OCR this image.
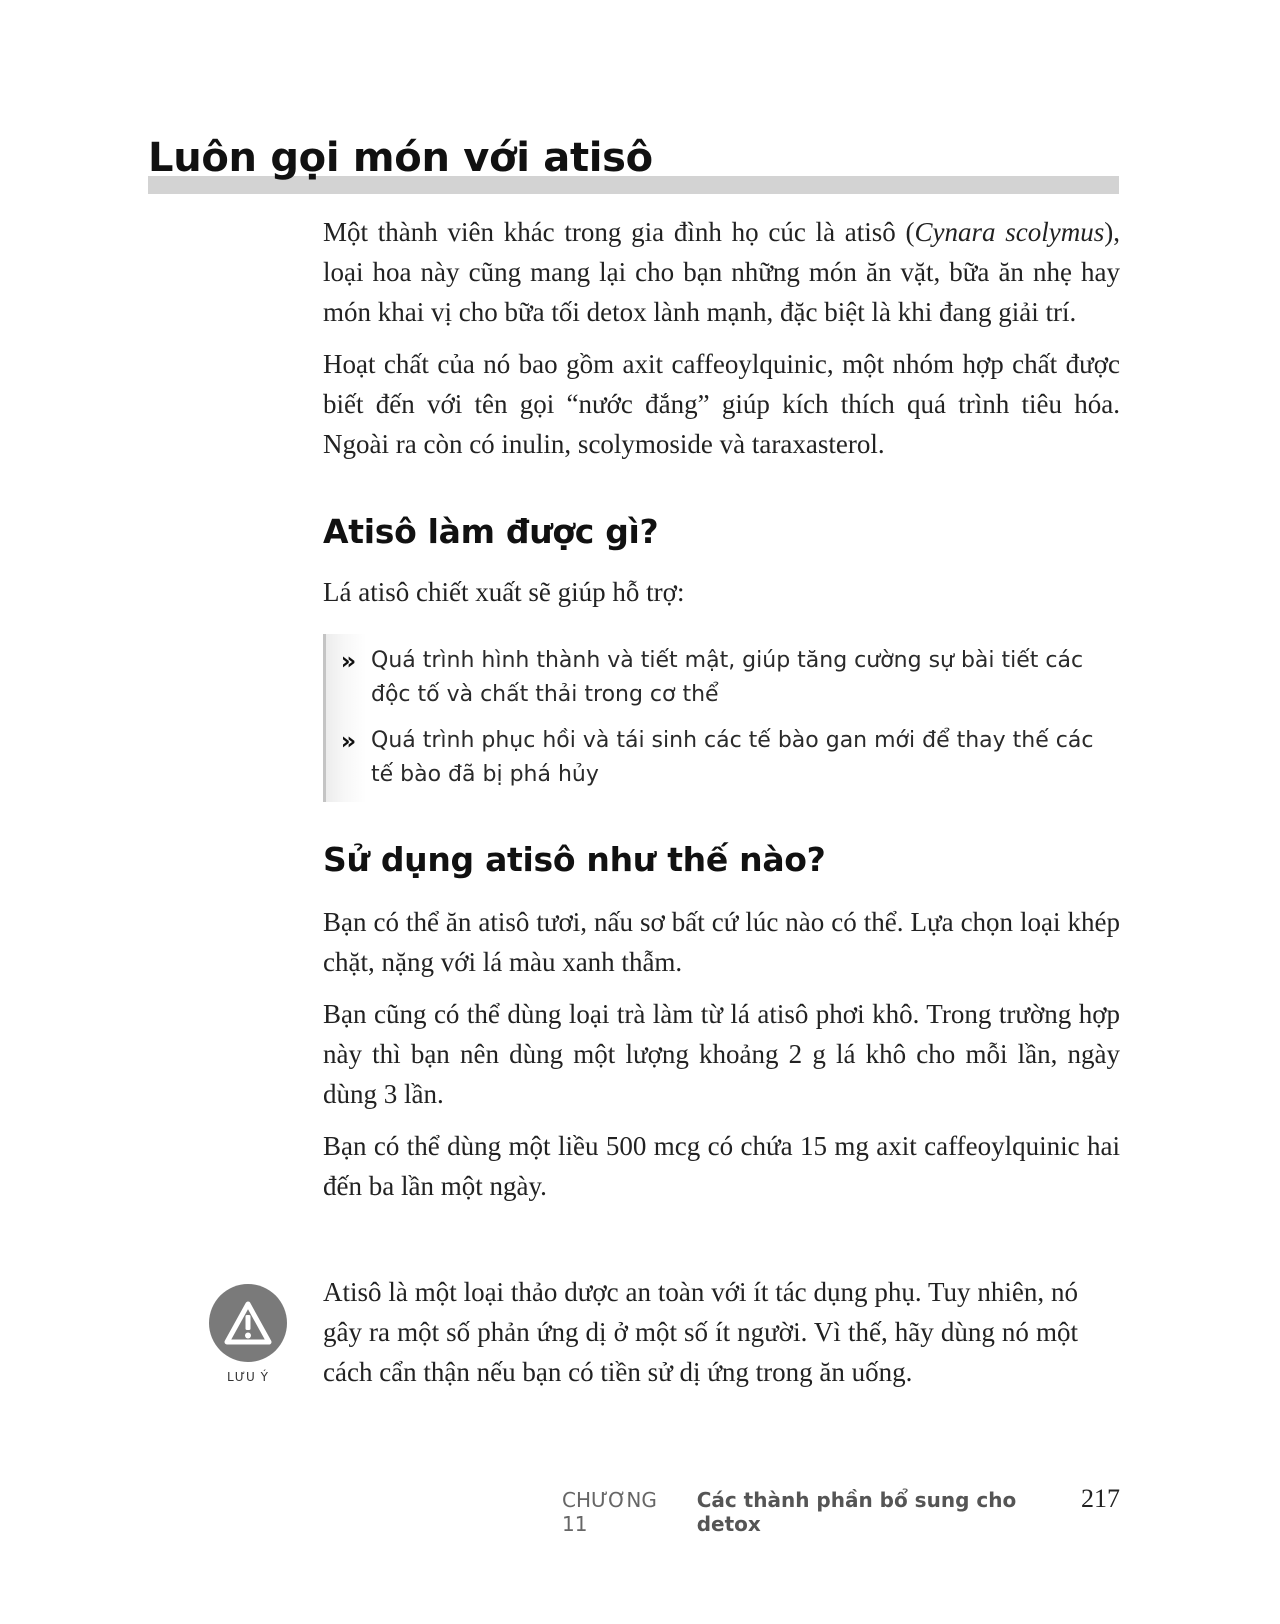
Luôn gọi món với atisô

Một thành viên khác trong gia đình họ cúc là atisô (Cynara scolymus), loại hoa này cũng mang lại cho bạn những món ăn vặt, bữa ăn nhẹ hay món khai vị cho bữa tối detox lành mạnh, đặc biệt là khi đang giải trí.

Hoạt chất của nó bao gồm axit caffeoylquinic, một nhóm hợp chất được biết đến với tên gọi “nước đắng” giúp kích thích quá trình tiêu hóa. Ngoài ra còn có inulin, scolymoside và taraxasterol.

Atisô làm được gì?

Lá atisô chiết xuất sẽ giúp hỗ trợ:

» Quá trình hình thành và tiết mật, giúp tăng cường sự bài tiết các độc tố và chất thải trong cơ thể
» Quá trình phục hồi và tái sinh các tế bào gan mới để thay thế các tế bào đã bị phá hủy
Sử dụng atisô như thế nào?

Bạn có thể ăn atisô tươi, nấu sơ bất cứ lúc nào có thể. Lựa chọn loại khép chặt, nặng với lá màu xanh thẫm.

Bạn cũng có thể dùng loại trà làm từ lá atisô phơi khô. Trong trường hợp này thì bạn nên dùng một lượng khoảng 2 g lá khô cho mỗi lần, ngày dùng 3 lần.

Bạn có thể dùng một liều 500 mcg có chứa 15 mg axit caffeoylquinic hai đến ba lần một ngày.

LƯU Ý

Atisô là một loại thảo dược an toàn với ít tác dụng phụ. Tuy nhiên, nó gây ra một số phản ứng dị ở một số ít người. Vì thế, hãy dùng nó một cách cẩn thận nếu bạn có tiền sử dị ứng trong ăn uống.

CHƯƠNG 11
Các thành phần bổ sung cho detox
217
